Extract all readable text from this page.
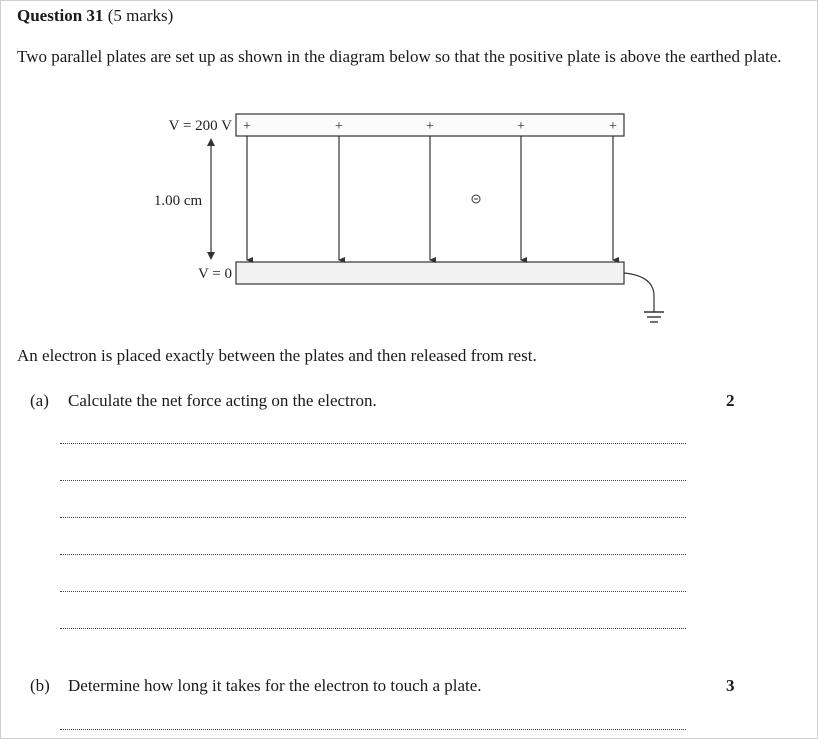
Question 31 (5 marks)
Two parallel plates are set up as shown in the diagram below so that the positive plate is above the earthed plate.
+	+	+	+	+
V = 200 V
1.00 cm
V = 0
An electron is placed exactly between the plates and then released from rest.
(a) Calculate the net force acting on the electron.	2
(b) Determine how long it takes for the electron to touch a plate.	3
